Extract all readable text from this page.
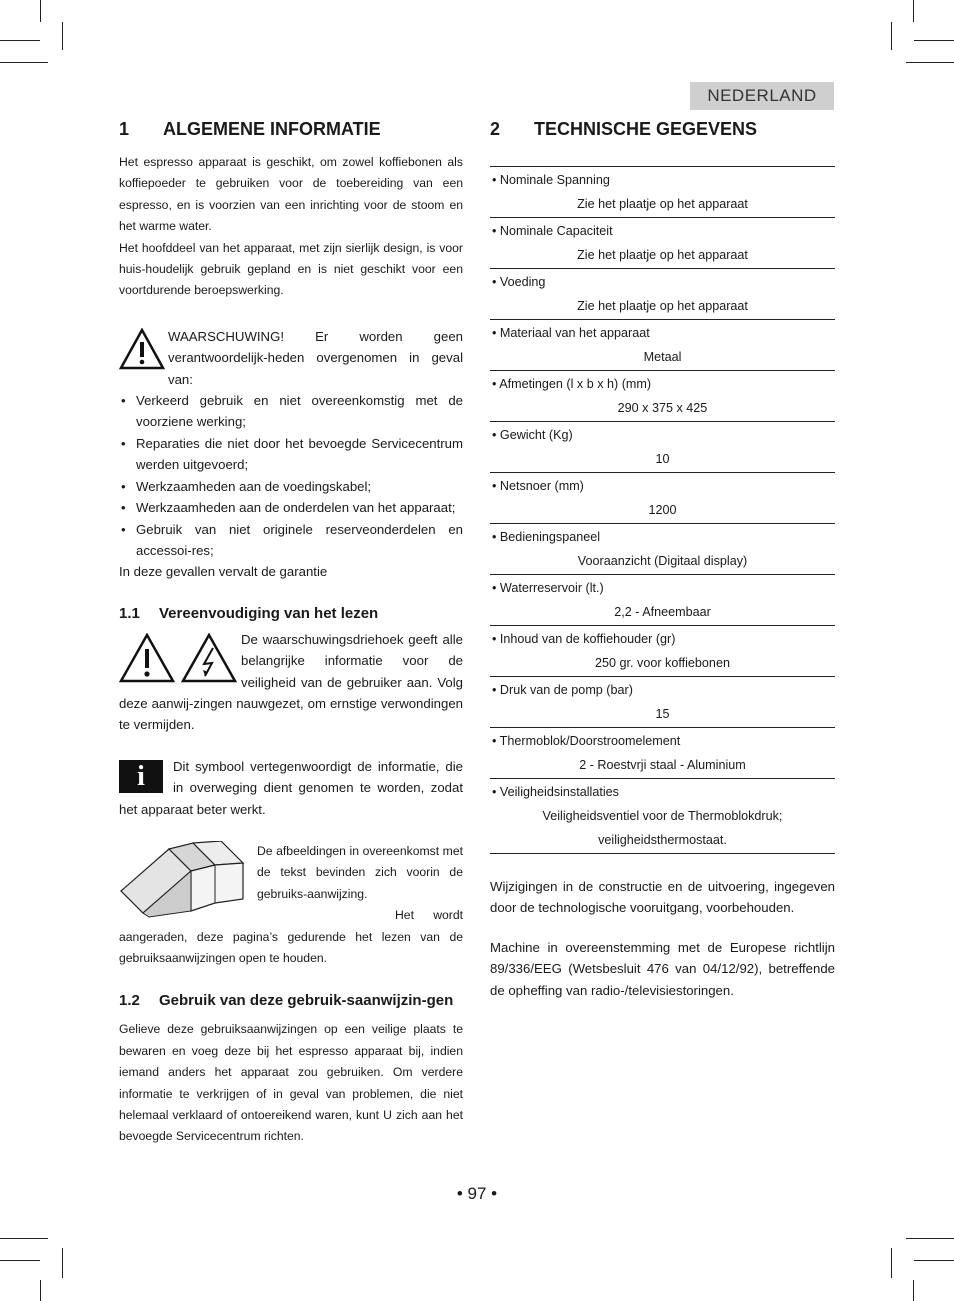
NEDERLAND
1	ALGEMENE INFORMATIE

Het espresso apparaat is geschikt, om zowel koffiebonen als koffiepoeder te gebruiken voor de toebereiding van een espresso, en is voorzien van een inrichting voor de stoom en het warme water.

Het hoofddeel van het apparaat, met zijn sierlijk design, is voor huis-houdelijk gebruik gepland en is niet geschikt voor een voortdurende beroepswerking.

WAARSCHUWING! Er worden geen verantwoordelijk-heden overgenomen in geval van:

• Verkeerd gebruik en niet overeenkomstig met de voorziene werking;
• Reparaties die niet door het bevoegde Servicecentrum werden uitgevoerd;
• Werkzaamheden aan de voedingskabel;
• Werkzaamheden aan de onderdelen van het apparaat;
• Gebruik van niet originele reserveonderdelen en accessoi-res;

In deze gevallen vervalt de garantie

1.1	Vereenvoudiging van het lezen

De waarschuwingsdriehoek geeft alle belangrijke informatie voor de veiligheid van de gebruiker aan. Volg deze aanwij-zingen nauwgezet, om ernstige verwondingen te vermijden.

i	Dit symbool vertegenwoordigt de informatie, die in overweging dient genomen te worden, zodat het apparaat beter werkt.

De afbeeldingen in overeenkomst met de tekst bevinden zich voorin de gebruiks-aanwijzing.

Het wordt aangeraden, deze pagina’s gedurende het lezen van de gebruiksaanwijzingen open te houden.

1.2	Gebruik van deze gebruik-saanwijzin-gen

Gelieve deze gebruiksaanwijzingen op een veilige plaats te bewaren en voeg deze bij het espresso apparaat bij, indien iemand anders het apparaat zou gebruiken. Om verdere informatie te verkrijgen of in geval van problemen, die niet helemaal verklaard of ontoereikend waren, kunt U zich aan het bevoegde Servicecentrum richten.

2	TECHNISCHE GEGEVENS
• Nominale Spanning
Zie het plaatje op het apparaat
• Nominale Capaciteit
Zie het plaatje op het apparaat
• Voeding
Zie het plaatje op het apparaat
• Materiaal van het apparaat
Metaal
• Afmetingen (l x b x h) (mm)
290 x 375 x 425
• Gewicht (Kg)
10
• Netsnoer (mm)
1200
• Bedieningspaneel
Vooraanzicht (Digitaal display)
• Waterreservoir (lt.)
2,2 - Afneembaar
• Inhoud van de koffiehouder (gr)
250 gr. voor koffiebonen
• Druk van de pomp (bar)
15
• Thermoblok/Doorstroomelement
2 - Roestvrji staal - Aluminium
• Veiligheidsinstallaties
Veiligheidsventiel voor de Thermoblokdruk;
veiligheidsthermostaat.

Wijzigingen in de constructie en de uitvoering, ingegeven door de technologische vooruitgang, voorbehouden.

Machine in overeenstemming met de Europese richtlijn 89/336/EEG (Wetsbesluit 476 van 04/12/92), betreffende de opheffing van radio-/televisiestoringen.

• 97 •
